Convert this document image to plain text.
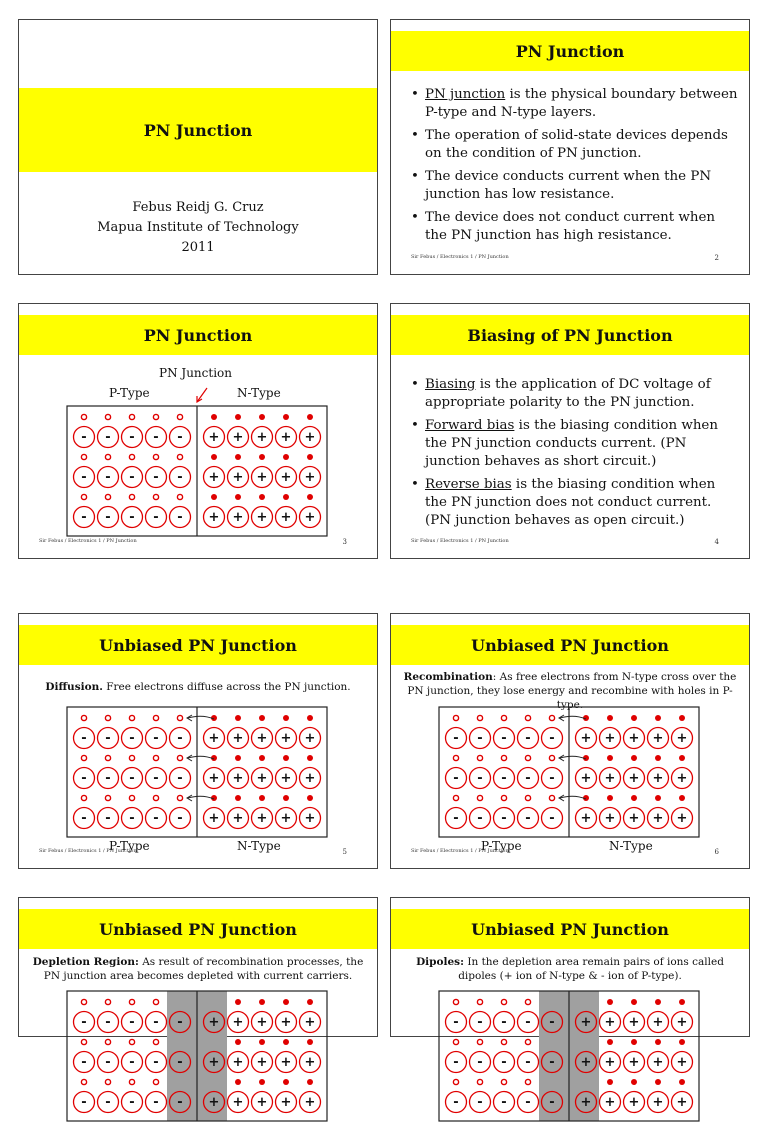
PN Junction
Febus Reidj G. Cruz
Mapua Institute of Technology
2011
PN Junction
• PN junction is the physical boundary between P-type and N-type layers.
• The operation of solid-state devices depends on the condition of PN junction.
• The device conducts current when the PN junction has low resistance.
• The device does not conduct current when the PN junction has high resistance.
Sir Febus / Electronics 1 / PN Junction	2
PN Junction
PN Junction
P-Type	N-Type
- - - - - + + + + +
- - - - - + + + + +
- - - - - + + + + +
Sir Febus / Electronics 1 / PN Junction	3
Biasing of PN Junction
• Biasing is the application of DC voltage of appropriate polarity to the PN junction.
• Forward bias is the biasing condition when the PN junction conducts current. (PN junction behaves as short circuit.)
• Reverse bias is the biasing condition when the PN junction does not conduct current. (PN junction behaves as open circuit.)
Sir Febus / Electronics 1 / PN Junction	4
Unbiased PN Junction
Diffusion. Free electrons diffuse across the PN junction.
- - - - - + + + + +
- - - - - + + + + +
- - - - - + + + + +
P-Type	N-Type
Sir Febus / Electronics 1 / PN Junction	5
Unbiased PN Junction
Recombination: As free electrons from N-type cross over the PN junction, they lose energy and recombine with holes in P-type.
- - - - - + + + + +
- - - - - + + + + +
- - - - - + + + + +
P-Type	N-Type
Sir Febus / Electronics 1 / PN Junction	6
Unbiased PN Junction
Depletion Region: As result of recombination processes, the PN junction area becomes depleted with current carriers.
- - - - - + + + + +
- - - - - + + + + +
- - - - - + + + + +
Unbiased PN Junction
Dipoles: In the depletion area remain pairs of ions called dipoles (+ ion of N-type & - ion of P-type).
- - - - - + + + + +
- - - - - + + + + +
- - - - - + + + + +
